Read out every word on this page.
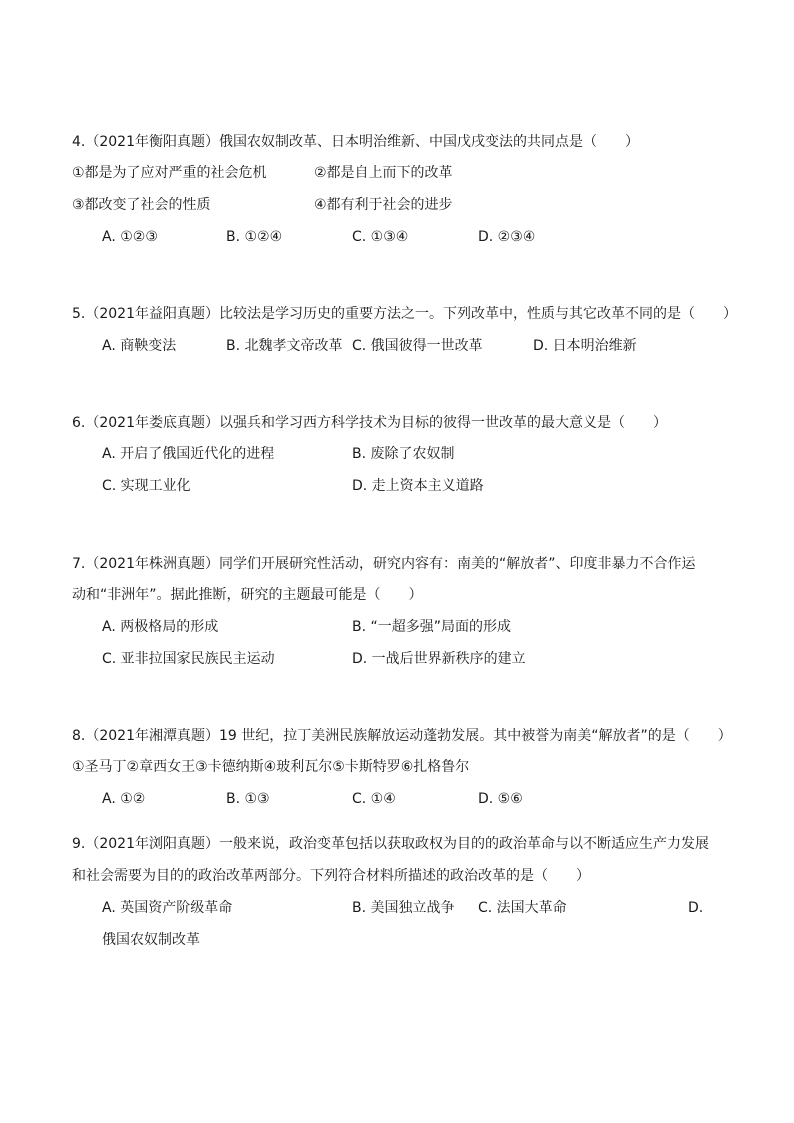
4.（2021年衡阳真题）俄国农奴制改革、日本明治维新、中国戊戌变法的共同点是（　　）
①都是为了应对严重的社会危机	②都是自上而下的改革
③都改变了社会的性质	④都有利于社会的进步
A. ①②③	B. ①②④	C. ①③④	D. ②③④
5.（2021年益阳真题）比较法是学习历史的重要方法之一。下列改革中，性质与其它改革不同的是（　　）
A. 商鞅变法	B. 北魏孝文帝改革 C. 俄国彼得一世改革	D. 日本明治维新
6.（2021年娄底真题）以强兵和学习西方科学技术为目标的彼得一世改革的最大意义是（　　）
A. 开启了俄国近代化的进程	B. 废除了农奴制
C. 实现工业化	D. 走上资本主义道路
7.（2021年株洲真题）同学们开展研究性活动，研究内容有：南美的“解放者”、印度非暴力不合作运
动和“非洲年”。据此推断，研究的主题最可能是（　　）
A. 两极格局的形成	B. “一超多强”局面的形成
C. 亚非拉国家民族民主运动	D. 一战后世界新秩序的建立
8.（2021年湘潭真题）19 世纪，拉丁美洲民族解放运动蓬勃发展。其中被誉为南美“解放者”的是（　　）
①圣马丁②章西女王③卡德纳斯④玻利瓦尔⑤卡斯特罗⑥扎格鲁尔
A. ①②	B. ①③	C. ①④	D. ⑤⑥
9.（2021年浏阳真题）一般来说，政治变革包括以获取政权为目的的政治革命与以不断适应生产力发展
和社会需要为目的的政治改革两部分。下列符合材料所描述的政治改革的是（　　）
A. 英国资产阶级革命	B. 美国独立战争 C. 法国大革命	D.
俄国农奴制改革
